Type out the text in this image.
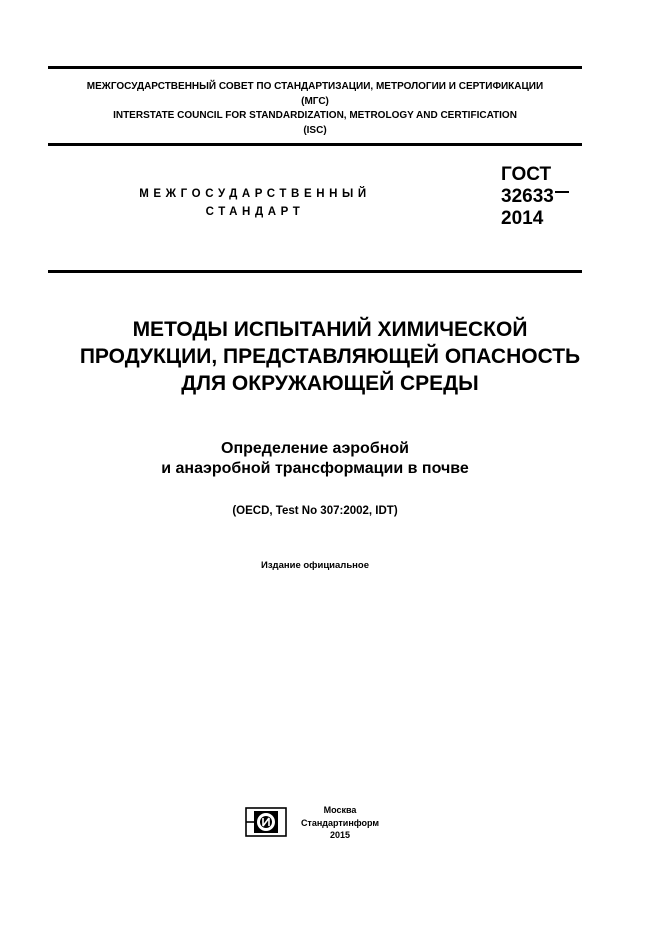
МЕЖГОСУДАРСТВЕННЫЙ СОВЕТ ПО СТАНДАРТИЗАЦИИ, МЕТРОЛОГИИ И СЕРТИФИКАЦИИ
(МГС)
INTERSTATE COUNCIL FOR STANDARDIZATION, METROLOGY AND CERTIFICATION
(ISC)
МЕЖГОСУДАРСТВЕННЫЙ
СТАНДАРТ
ГОСТ
32633
2014
МЕТОДЫ ИСПЫТАНИЙ ХИМИЧЕСКОЙ
ПРОДУКЦИИ, ПРЕДСТАВЛЯЮЩЕЙ ОПАСНОСТЬ
ДЛЯ ОКРУЖАЮЩЕЙ СРЕДЫ
Определение аэробной
и анаэробной трансформации в почве
(OECD, Test No 307:2002, IDT)
Издание официальное
Москва
Стандартинформ
2015
